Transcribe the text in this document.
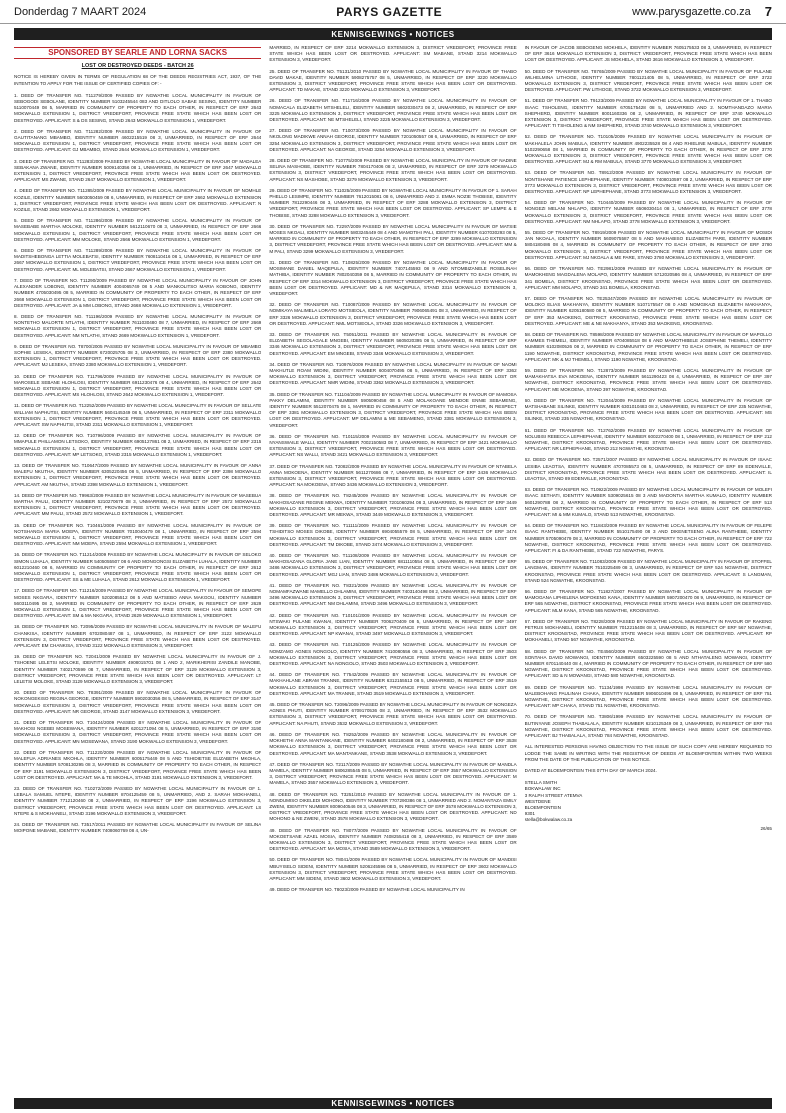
Donderdag 7 MAART 2024	PARYS GAZETTE	www.parysgazette.co.za 7
KENNISGEWINGS • NOTICES
SPONSORED BY SEARLE AND LORNA SACKS
LOST OR DESTROYED DEEDS - BATCH 26

NOTICE IS HEREBY GIVEN IN TERMS OF REGULATION 68 OF THE DEEDS REGISTRIES ACT, 1937, OF THE INTENTION TO APPLY FOR THE ISSUE OF CERTIFIED COPIES OF: -

1. DEED OF TRANSFER NO. T11279/2009 PASSED BY NGWATHE LOCAL MUNICIPALITY IN FAVOUR OF SEBOGODI SEBOLANE, IDENTITY NUMBER 5103245544 083 AND DITLOLO SABAE SESING, IDENTITY NUMBER 5110070449 08 5, MARRIED IN COMMUNITY OF PROPERTY TO EACH OTHER, IN RESPECT OF ERF 2643 MOKWALLO EXTENSION 1, DISTRICT VREDEFORT, PROVINCE FREE STATE WHICH HAS BEEN LOST OR DESTROYED. APPLICANT: S & DS SESING, STAND 2643 MOKWALLO EXTENSION 1, VREDEFORT.

2. DEED OF TRANSFER NO. T11282/2009 PASSED BY NGWATHE LOCAL MUNICIPALITY IN FAVOUR OF GAUTITANANG MBAMBO, IDENTITY NUMBER 4602215519 08 3, UNMARRIED, IN RESPECT OF ERF 2644 MOKWALLO EXTENSION 1, DISTRICT VREDEFORT, PROVINCE FREE STATE WHICH HAS BEEN LOST OR DESTROYED. APPLICANT: GJ MBAMBO, STAND 2644 MOKWALLO EXTENSION 1, VREDEFORT.

3. DEED OF TRANSFER NO. T11283/2009 PASSED BY NGWATHE LOCAL MUNICIPALITY IN FAVOUR OF MADALEA SEBAKANA ZWANE, IDENTITY NUMBER 5009140356 08 1, UNMARRIED, IN RESPECT OF ERF 2647 MOKWALLO EXTENSION 1, DISTRICT VREDEFORT, PROVINCE FREE STATE WHICH HAS BEEN LOST OR DESTROYED. APPLICANT: MS ZWANE, STAND 2647 MOKWALLO EXTENSION 1, VREDEFORT.

4. DEED OF TRANSFER NO. T11285/2009 PASSED BY NGWATHE LOCAL MUNICIPALITY IN FAVOUR OF NOMHLE KOZILE, IDENTITY NUMBER 5603050459 08 6, UNMARRIED, IN RESPECT OF ERF 2662 MOKWALLO EXTENSION 1, DISTRICT VREDEFORT, PROVINCE FREE STATE WHICH HAS BEEN LOST OR DESTROYED. APPLICANT: N KOZILE, STAND 2662 MOKWALLO EXTENSION 1, VREDEFORT.

5. DEED OF TRANSFER NO. T11286/2009 PASSED BY NGWATHE LOCAL MUNICIPALITY IN FAVOUR OF MASEBABE MARTHA MOLOKE, IDENTITY NUMBER 5612110670 08 3, UNMARRIED, IN RESPECT OF ERF 2666 MOKWALLO EXTENSION 1, DISTRICT VREDEFORT, PROVINCE FREE STATE WHICH HAS BEEN LOST OR DESTROYED. APPLICANT: MM MOLOKE, STAND 2666 MOKWALLO EXTENSION 1, VREDEFORT.

6. DEED OF TRANSFER NO. T11289/2009 PASSED BY NGWATHE LOCAL MUNICIPALITY IN FAVOUR OF MADITSHEBONGA LETTIA MOLEBATSI, IDENTITY NUMBER 7608110416 08 1, UNMARRIED, IN RESPECT OF ERF 2667 MOKWALLO EXTENSION 1, DISTRICT VREDEFORT, PROVINCE FREE STATE WHICH HAS BEEN LOST OR DESTROYED. APPLICANT: ML MOLEBATSI, STAND 2667 MOKWALLO EXTENSION 1, VREDEFORT.

7. DEED OF TRANSFER NO. T11290/2009 PASSED BY NGWATHE LOCAL MUNICIPALITY IN FAVOUR OF JOHN ALEXANDER LOBONG, IDENTITY NUMBER 4004065749 08 5 AND MANKOLITSO MARIA KOBONG, IDENTITY NUMBER 4705030495 08 5, MARRIED IN COMMUNITY OF PROPERTY TO EACH OTHER, IN RESPECT OF ERF 2668 MOKWALLO EXTENSION 1, DISTRICT VREDEFORT, PROVINCE FREE STATE WHICH HAS BEEN LOST OR DESTROYED. APPLICANT: JA & MM LOBONG, STAND 2668 MOKWALLO EXTENSION 1, VREDEFORT.

8. DEED OF TRANSFER NO. T11196/2009 PASSED BY NGWATHE LOCAL MUNICIPALITY IN FAVOUR OF NONTETHO MALORTE NTLATHI, IDENTITY NUMBER 7611030480 08 7, UNMARRIED, IN RESPECT OF ERF 2669 MOKWALLO EXTENSION 1, DISTRICT VREDEFORT, PROVINCE FREE STATE WHICH HAS BEEN LOST OR DESTROYED. APPLICANT: NM NTLATHI, STAND 2669 MOKWALLO EXTENSION 1, VREDEFORT.

9. DEED OF TRANSFER NO. T8700/2005 PASSED BY NGWATHE LOCAL MUNICIPALITY IN FAVOUR OF MBAMBO SOPHIE LESEKA, IDENTITY NUMBER 6720025705 08 3, UNMARRIED, IN RESPECT OF ERF 2380 MOKWALLO EXTENSION 1, DISTRICT VREDEFORT, PROVINCE FREE STATE WHICH HAS BEEN LOST OR DESTROYED. APPLICANT: MJ LESEKA, STAND 2380 MOKWALLO EXTENSION 1, VREDEFORT.

10. DEED OF TRANSFER NO. T11796/2009 PASSED BY NGWATHE LOCAL MUNICIPALITY IN FAVOUR OF MAROSELE SEBANE HLOHLOSI, IDENTITY NUMBER 6911230476 08 4, UNMARRIED, IN RESPECT OF ERF 2642 MOKWALLO EXTENSION 1, DISTRICT VREDEFORT, PROVINCE FREE STATE WHICH HAS BEEN LOST OR DESTROYED. APPLICANT: MS HLOHLOSI, STAND 2642 MOKWALLO EXTENSION 1, VREDEFORT.

11. DEED OF TRANSFER NO. T12252/2009 PASSED BY NGWATHE LOCAL MUNICIPALITY IN FAVOUR OF SELLATE WILLIAM NAPHUTSI, IDENTITY NUMBER 5604145349 08 5, UNMARRIED, IN RESPECT OF ERF 2311 MOKWALLO EXTENSION 1, DISTRICT VREDEFORT, PROVINCE FREE STATE WHICH HAS BEEN LOST OR DESTROYED. APPLICANT: SW NAPHUTSI, STAND 2311 MOKWALLO EXTENSION 1, VREDEFORT.

12. DEED OF TRANSFER NO. T10796/2009 PASSED BY NGWATHE LOCAL MUNICIPALITY IN FAVOUR OF MMAPULE PHILLAMON LETSOKO, IDENTITY NUMBER 6905127861 08 2, UNMARRIED, IN RESPECT OF ERF 2315 MOKWALLO EXTENSION 1, DISTRICT VREDEFORT, PROVINCE FREE STATE WHICH HAS BEEN LOST OR DESTROYED. APPLICANT: MP LETSOKO, STAND 2315 MOKWALLO EXTENSION 1, VREDEFORT.

13. DEED OF TRANSFER NO. T10647/2009 PASSED BY NGWATHE LOCAL MUNICIPALITY IN FAVOUR OF ANNA MALEFU NKUTHA, IDENTITY NUMBER 6305220456 08 5, UNMARRIED, IN RESPECT OF ERF 2398 MOKWALLO EXTENSION 1, DISTRICT VREDEFORT, PROVINCE FREE STATE WHICH HAS BEEN LOST OR DESTROYED. APPLICANT: AM NKUTHA, STAND 2398 MOKWALLO EXTENSION 1, VREDEFORT.

14. DEED OF TRANSFER NO. T9963/2009 PASSED BY NGWATHE LOCAL MUNICIPALITY IN FAVOUR OF MASEBUA MARTHA PAULI, IDENTITY NUMBER 5210270679 08 3, UNMARRIED, IN RESPECT OF ERF 2572 MOKWALLO EXTENSION 1, DISTRICT VREDEFORT, PROVINCE FREE STATE WHICH HAS BEEN LOST OR DESTROYED. APPLICANT: MM PAULI, STAND 2572 MOKWALLO EXTENSION 1, VREDEFORT.

15. DEED OF TRANSFER NO. T10461/2009 PASSED BY NGWATHE LOCAL MUNICIPALITY IN FAVOUR OF NOTSHANGA MARIA MOEPA, IDENTITY NUMBER 7010040479 08 1, UNMARRIED, IN RESPECT OF ERF 2594 MOKWALLO EXTENSION 1, DISTRICT VREDEFORT, PROVINCE FREE STATE WHICH HAS BEEN LOST OR DESTROYED. APPLICANT: NM MOEPA, STAND 2594 MOKWALLO EXTENSION 1, VREDEFORT.

16. DEED OF TRANSFER NO. T11214/2009 PASSED BY NGWATHE LOCAL MUNICIPALITY IN FAVOUR OF SELOKO SIMON LUHALA, IDENTITY NUMBER 5405055507 08 6 AND MONGONGSI ELIZABETH LUHALA, IDENTITY NUMBER 6012210460 08 6, MARRIED IN COMMUNITY OF PROPERTY TO EACH OTHER, IN RESPECT OF ERF 2612 MOKWALLO EXTENSION 1, DISTRICT VREDEFORT, PROVINCE FREE STATE WHICH HAS BEEN LOST OR DESTROYED. APPLICANT: SS & ME LUHALA, STAND 2612 MOKWALLO EXTENSION 1, VREDEFORT.

17. DEED OF TRANSFER NO. T11216/2009 PASSED BY NGWATHE LOCAL MUNICIPALITY IN FAVOUR OF SEMOPE MOSES NKGARA, IDENTITY NUMBER 5202085512 08 5 AND MATSEBO ANNA MAKGOU, IDENTITY NUMBER 5603110495 08 2, MARRIED IN COMMUNITY OF PROPERTY TO EACH OTHER, IN RESPECT OF ERF 2629 MOKWALLO EXTENSION 1, DISTRICT VREDEFORT, PROVINCE FREE STATE WHICH HAS BEEN LOST OR DESTROYED. APPLICANT: SM & MA NKGARA, STAND 2629 MOKWALLO EXTENSION 1, VREDEFORT.

18. DEED OF TRANSFER NO. T2095/2009 PASSED BY NGWATHE LOCAL MUNICIPALITY IN FAVOUR OF MALEFU CHANKISA, IDENTITY NUMBER 6702080487 08 1, UNMARRIED, IN RESPECT OF ERF 3122 MOKWALLO EXTENSION 3, DISTRICT VREDEFORT, PROVINCE FREE STATE WHICH HAS BEEN LOST OR DESTROYED. APPLICANT: EM CHANKISA, STAND 3122 MOKWALLO EXTENSION 3, VREDEFORT.

19. DEED OF TRANSFER NO. T2041/2009 PASSED BY NGWATHE LOCAL MUNICIPALITY IN FAVOUR OF J. TSHOENE LELETSI MOLOKE, IDENTITY NUMBER 4908015701 08 1 AND 2, MARIKHERISI ZANDILE MANOBE, IDENTITY NUMBER 7402170599 08 7, UNMARRIED, IN RESPECT OF ERF 3129 MOKWALLO EXTENSION 3, DISTRICT VREDEFORT, PROVINCE FREE STATE WHICH HAS BEEN LOST OR DESTROYED. APPLICANT: LT LELETSI MOLOKE, STAND 3129 MOKWALLO EXTENSION 3, VREDEFORT.

20. DEED OF TRANSFER NO. T8391/2009 PASSED BY NGWATHE LOCAL MUNICIPALITY IN FAVOUR OF NOKONGEKISO REGINA GEORGE, IDENTITY NUMBER 5902030356 08 5, UNMARRIED, IN RESPECT OF ERF 3147 MOKWALLO EXTENSION 3, DISTRICT VREDEFORT, PROVINCE FREE STATE WHICH HAS BEEN LOST OR DESTROYED. APPLICANT: NR GEORGE, STAND 3147 MOKWALLO EXTENSION 3, VREDEFORT.

21. DEED OF TRANSFER NO. T10424/2009 PASSED BY NGWATHE LOCAL MUNICIPALITY IN FAVOUR OF MAKHOSI NGEBEI MOSEWANA, IDENTITY NUMBER 6201271094 08 5, UNMARRIED, IN RESPECT OF ERF 3190 MOKWALLO EXTENSION 3, DISTRICT VREDEFORT, PROVINCE FREE STATE WHICH HAS BEEN LOST OR DESTROYED. APPLICANT: MN MOSEWANA, STAND 3190 MOKWALLO EXTENSION 3, VREDEFORT.

22. DEED OF TRANSFER NO. T11220/2009 PASSED BY NGWATHE LOCAL MUNICIPALITY IN FAVOUR OF MALEFUA ADRIANES MKOHLA, IDENTITY NUMBER 6005175449 08 5 AND TSHIDIETSE ELIZABETH MKOHLA, IDENTITY NUMBER 5708130295 08 3, MARRIED IN COMMUNITY OF PROPERTY TO EACH OTHER, IN RESPECT OF ERF 3191 MOKWALLO EXTENSION 3, DISTRICT VREDEFORT, PROVINCE FREE STATE WHICH HAS BEEN LOST OR DESTROYED. APPLICANT: MA & TE MKOHLA, STAND 3191 MOKWALLO EXTENSION 3, VREDEFORT.

23. DEED OF TRANSFER NO. T10272/2009 PASSED BY NGWATHE LOCAL MUNICIPALITY IN FAVOUR OF 1. LEBALA SAMUEL NTEPE, IDENTITY NUMBER 8704125459 08 5, UNMARRIED, AND 2. SARAH MOKHANELI, IDENTITY NUMBER 7712120460 08 2, UNMARRIED, IN RESPECT OF ERF 3196 MOKWALLO EXTENSION 3, DISTRICT VREDEFORT, PROVINCE FREE STATE WHICH HAS BEEN LOST OR DESTROYED. APPLICANT: LS NTEPE & S MOKHANELI, STAND 3196 MOKWALLO EXTENSION 3, VREDEFORT.

24. DEED OF TRANSFER NO. T3517/2011 PASSED BY NGWATHE LOCAL MUNICIPALITY IN FAVOUR OF SELINA MOIPONE MABANE, IDENTITY NUMBER 7408060769 08 4, UN-

MARRIED, IN RESPECT OF ERF 3214 MOKWALLO EXTENSION 3, DISTRICT VREDEFORT, PROVINCE FREE STATE WHICH HAS BEEN LOST OR DESTROYED. APPLICANT: SM MABANE, STAND 3214 MOKWALLO EXTENSION 3, VREDEFORT.

25. DEED OF TRANSFER NO. T5131/2010 PASSED BY NGWATHE LOCAL MUNICIPALITY IN FAVOUR OF THABO DAVID MAKAE, IDENTITY NUMBER 5908275757 08 5, UNMARRIED, IN RESPECT OF ERF 3220 MOKWALLO EXTENSION 3, DISTRICT VREDEFORT, PROVINCE FREE STATE WHICH HAS BEEN LOST OR DESTROYED. APPLICANT: TD MAKAE, STAND 3220 MOKWALLO EXTENSION 3, VREDEFORT.

26. DEED OF TRANSFER NO. T11716/2009 PASSED BY NGWATHE LOCAL MUNICIPALITY IN FAVOUR OF NOMACALA ELIZABETH MTSHELELI, IDENTITY NUMBER 5602030473 08 2, UNMARRIED, IN RESPECT OF ERF 3225 MOKWALLO EXTENSION 3, DISTRICT VREDEFORT, PROVINCE FREE STATE WHICH HAS BEEN LOST OR DESTROYED. APPLICANT: NE MTSHELELI, STAND 3225 MOKWALLO EXTENSION 3, VREDEFORT.

27. DEED OF TRANSFER NO. T10073/2009 PASSED BY NGWATHE LOCAL MUNICIPALITY IN FAVOUR OF NKOLONG MADIKWE ANNAH GEORGE, IDENTITY NUMBER 7201050557 08 6, UNMARRIED, IN RESPECT OF ERF 3254 MOKWALLO EXTENSION 3, DISTRICT VREDEFORT, PROVINCE FREE STATE WHICH HAS BEEN LOST OR DESTROYED. APPLICANT: NA GEORGE, STAND 3254 MOKWALLO EXTENSION 3, VREDEFORT.

28. DEED OF TRANSFER NO. T10775/2009 PASSED BY NGWATHE LOCAL MUNICIPALITY IN FAVOUR OF NADINE SELINA MASHOBE, IDENTITY NUMBER 7804170406 08 2, UNMARRIED, IN RESPECT OF ERF 3279 MOKWALLO EXTENSION 3, DISTRICT VREDEFORT, PROVINCE FREE STATE WHICH HAS BEEN LOST OR DESTROYED. APPLICANT: NS MASHOBE, STAND 3279 MOKWALLO EXTENSION 3, VREDEFORT.

29. DEED OF TRANSFER NO. T11025/2009 PASSED BY NGWATHE LOCAL MUNICIPALITY IN FAVOUR OF 1. SARAH PHELLO LESIMPE, IDENTITY NUMBER 7612015081 08 6, UNMARRIED AND 2. EMMA NOZIE THOBISE, IDENTITY NUMBER 7812290446 08 3, UNMARRIED, IN RESPECT OF ERF 3288 MOKWALLO EXTENSION 3, DISTRICT VREDEFORT, PROVINCE FREE STATE WHICH HAS BEEN LOST OR DESTROYED. APPLICANT: SP LEMPE & E THOBISE, STAND 3288 MOKWALLO EXTENSION 3, VREDEFORT.

30. DEED OF TRANSFER NO. T2297/2009 PASSED BY NGWATHE LOCAL MUNICIPALITY IN FAVOUR OF MATSIE MOSES NKOALI, IDENTITY NUMBER 5803245449 08 4 AND MAMOTIHI PALI, IDENTITY NUMBER 6107030293 08 5, MARRIED IN COMMUNITY OF PROPERTY TO EACH OTHER, IN RESPECT OF ERF 3299 MOKWALLO EXTENSION 3, DISTRICT VREDEFORT, PROVINCE FREE STATE WHICH HAS BEEN LOST OR DESTROYED. APPLICANT: MM & M PALI, STAND 3299 MOKWALLO EXTENSION 3, VREDEFORT.

31. DEED OF TRANSFER NO. T10825/2009 PASSED BY NGWATHE LOCAL MUNICIPALITY IN FAVOUR OF MOSIMANE DANIEL MAQEPULA, IDENTITY NUMBER 7407145593 08 9 AND NTOMBIZANELE ROSELINAH MATHIBA, IDENTITY NUMBER 7802040359 08 5, MARRIED IN COMMUNITY OF PROPERTY TO EACH OTHER, IN RESPECT OF ERF 3314 MOKWALLO EXTENSION 3, DISTRICT VREDEFORT, PROVINCE FREE STATE WHICH HAS BEEN LOST OR DESTROYED. APPLICANT: MD & NR MAQEPULA, STAND 3314 MOKWALLO EXTENSION 3, VREDEFORT.

32. DEED OF TRANSFER NO. T10087/2009 PASSED BY NGWATHE LOCAL MUNICIPALITY IN FAVOUR OF NOMIKAYA MALIMELA LORATO MOTSIEOLA, IDENTITY NUMBER 7906065491 08 3, UNMARRIED, IN RESPECT OF ERF 3326 MOKWALLO EXTENSION 3, DISTRICT VREDEFORT, PROVINCE FREE STATE WHICH HAS BEEN LOST OR DESTROYED. APPLICANT: NML MOTSIEOLA, STAND 3326 MOKWALLO EXTENSION 3, VREDEFORT.

33. DEED OF TRANSFER NO. T5051/2011 PASSED BY NGWATHE LOCAL MUNICIPALITY IN FAVOUR OF ELIZABETH SEGOLAGALE MNGEBI, IDENTITY NUMBER 5605020395 08 5, UNMARRIED, IN RESPECT OF ERF 3346 MOKWALLO EXTENSION 3, DISTRICT VREDEFORT, PROVINCE FREE STATE WHICH HAS BEEN LOST OR DESTROYED. APPLICANT: EM MNGEBI, STAND 3346 MOKWALLO EXTENSION 3, VREDEFORT.

34. DEED OF TRANSFER NO. T10976/2009 PASSED BY NGWATHE LOCAL MUNICIPALITY IN FAVOUR OF NAOMI MAKHUTLE ROAM WIDINI, IDENTITY NUMBER 6004070495 08 5, UNMARRIED, IN RESPECT OF ERF 3362 MOKWALLO EXTENSION 3, DISTRICT VREDEFORT, PROVINCE FREE STATE WHICH HAS BEEN LOST OR DESTROYED. APPLICANT: NMR WIDINI, STAND 3362 MOKWALLO EXTENSION 3, VREDEFORT.

35. DEED OF TRANSFER NO. T11104/2009 PASSED BY NGWATHE LOCAL MUNICIPALITY IN FAVOUR OF MAMOSA PAKKY DELAMINI, IDENTITY NUMBER 5905090458 08 5 AND MOLAKOANE MENDOE ENNIE SEBAMENG, IDENTITY NUMBER 5512070475 08 1, MARRIED IN COMMUNITY OF PROPERTY TO EACH OTHER, IN RESPECT OF ERF 3381 MOKWALLO EXTENSION 3, DISTRICT VREDEFORT, PROVINCE FREE STATE WHICH HAS BEEN LOST OR DESTROYED. APPLICANT: MP DELAMINI & ME SEBAMENG, STAND 3381 MOKWALLO EXTENSION 3, VREDEFORT.

36. DEED OF TRANSFER NO. T10115/2009 PASSED BY NGWATHE LOCAL MUNICIPALITY IN FAVOUR OF NYANSWAILE WALLI, IDENTITY NUMBER 7002150583 08 7, UNMARRIED, IN RESPECT OF ERF 3421 MOKWALLO EXTENSION 3, DISTRICT VREDEFORT, PROVINCE FREE STATE WHICH HAS BEEN LOST OR DESTROYED. APPLICANT: NS WALLI, STAND 3421 MOKWALLO EXTENSION 3, VREDEFORT.

37. DEED OF TRANSFER NO. T2082/2009 PASSED BY NGWATHE LOCAL MUNICIPALITY IN FAVOUR OF NTABELA ANNA MOKOENA, IDENTITY NUMBER 5611270686 08 7, UNMARRIED, IN RESPECT OF ERF 3436 MOKWALLO EXTENSION 3, DISTRICT VREDEFORT, PROVINCE FREE STATE WHICH HAS BEEN LOST OR DESTROYED. APPLICANT: NA MOKOENA, STAND 3436 MOKWALLO EXTENSION 3, VREDEFORT.

38. DEED OF TRANSFER NO. T8245/2009 PASSED BY NGWATHE LOCAL MUNICIPALITY IN FAVOUR OF MAKHOSAZANE REGINE MEKWA, IDENTITY NUMBER 7201060294 08 3, UNMARRIED, IN RESPECT OF ERF 3449 MOKWALLO EXTENSION 3, DISTRICT VREDEFORT, PROVINCE FREE STATE WHICH HAS BEEN LOST OR DESTROYED. APPLICANT: MR MEKWA, STAND 3449 MOKWALLO EXTENSION 3, VREDEFORT.

39. DEED OF TRANSFER NO. T11111/2009 PASSED BY NGWATHE LOCAL MUNICIPALITY IN FAVOUR OF TSHIDITSO MOSES DIKOBE, IDENTITY NUMBER 6904055579 08 5, UNMARRIED, IN RESPECT OF ERF 3474 MOKWALLO EXTENSION 3, DISTRICT VREDEFORT, PROVINCE FREE STATE WHICH HAS BEEN LOST OR DESTROYED. APPLICANT: TM DIKOBE, STAND 3474 MOKWALLO EXTENSION 3, VREDEFORT.

40. DEED OF TRANSFER NO. T11108/2009 PASSED BY NGWATHE LOCAL MUNICIPALITY IN FAVOUR OF MAKHOSAZANA GLORIA JANE LIAN, IDENTITY NUMBER 6811110554 08 5, UNMARRIED, IN RESPECT OF ERF 3486 MOKWALLO EXTENSION 3, DISTRICT VREDEFORT, PROVINCE FREE STATE WHICH HAS BEEN LOST OR DESTROYED. APPLICANT: MGJ LIAN, STAND 3486 MOKWALLO EXTENSION 3, VREDEFORT.

41. DEED OF TRANSFER NO. T8321/2009 PASSED BY NGWATHE LOCAL MUNICIPALITY IN FAVOUR OF NOMAMFAZWANE MAMELLO DHLAMINI, IDENTITY NUMBER 7403140498 08 2, UNMARRIED, IN RESPECT OF ERF 3496 MOKWALLO EXTENSION 3, DISTRICT VREDEFORT, PROVINCE FREE STATE WHICH HAS BEEN LOST OR DESTROYED. APPLICANT: NM DHLAMINI, STAND 3496 MOKWALLO EXTENSION 3, VREDEFORT.

42. DEED OF TRANSFER NO. T10101/2009 PASSED BY NGWATHE LOCAL MUNICIPALITY IN FAVOUR OF NTSWAKI PULANE KWANAI, IDENTITY NUMBER 7006270409 08 5, UNMARRIED, IN RESPECT OF ERF 3497 MOKWALLO EXTENSION 3, DISTRICT VREDEFORT, PROVINCE FREE STATE WHICH HAS BEEN LOST OR DESTROYED. APPLICANT: NP KWANAI, STAND 3497 MOKWALLO EXTENSION 3, VREDEFORT.

43. DEED OF TRANSFER NO. T10125/2009 PASSED BY NGWATHE LOCAL MUNICIPALITY IN FAVOUR OF NOMZAMO AGNES NONGOLO, IDENTITY NUMBER 7410080556 08 3, UNMARRIED, IN RESPECT OF ERF 3503 MOKWALLO EXTENSION 3, DISTRICT VREDEFORT, PROVINCE FREE STATE WHICH HAS BEEN LOST OR DESTROYED. APPLICANT: NA NONGOLO, STAND 3503 MOKWALLO EXTENSION 3, VREDEFORT.

44. DEED OF TRANSFER NO. T7542/2009 PASSED BY NGWATHE LOCAL MUNICIPALITY IN FAVOUR OF MAKHAHLANE ABRAM TRANNE, IDENTITY NUMBER 6312155513 08 5, UNMARRIED, IN RESPECT OF ERF 3519 MOKWALLO EXTENSION 3, DISTRICT VREDEFORT, PROVINCE FREE STATE WHICH HAS BEEN LOST OR DESTROYED. APPLICANT: MA TRANNE, STAND 3519 MOKWALLO EXTENSION 3, VREDEFORT.

45. DEED OF TRANSFER NO. T2096/2009 PASSED BY NGWATHE LOCAL MUNICIPALITY IN FAVOUR OF NONGEZA AGNES PHUTI, IDENTITY NUMBER 6709170536 08 2, UNMARRIED, IN RESPECT OF ERF 3532 MOKWALLO EXTENSION 3, DISTRICT VREDEFORT, PROVINCE FREE STATE WHICH HAS BEEN LOST OR DESTROYED. APPLICANT: NA PHUTI, STAND 3532 MOKWALLO EXTENSION 3, VREDEFORT.

46. DEED OF TRANSFER NO. T8252/2009 PASSED BY NGWATHE LOCAL MUNICIPALITY IN FAVOUR OF MOKHETHI ANNA MANTANKANE, IDENTITY NUMBER 6402180488 08 2, UNMARRIED, IN RESPECT OF ERF 3538 MOKWALLO EXTENSION 3, DISTRICT VREDEFORT, PROVINCE FREE STATE WHICH HAS BEEN LOST OR DESTROYED. APPLICANT: MA MANTANKANE, STAND 3538 MOKWALLO EXTENSION 3, VREDEFORT.

47. DEED OF TRANSFER NO. T2117/2009 PASSED BY NGWATHE LOCAL MUNICIPALITY IN FAVOUR OF MANDLA MAMELA, IDENTITY NUMBER 5806285545 08 5, UNMARRIED, IN RESPECT OF ERF 3557 MOKWALLO EXTENSION 3, DISTRICT VREDEFORT, PROVINCE FREE STATE WHICH HAS BEEN LOST OR DESTROYED. APPLICANT: M MAMELA, STAND 3557 MOKWALLO EXTENSION 3, VREDEFORT.

48. DEED OF TRANSFER NO. T3251/2010 PASSED BY NGWATHE LOCAL MUNICIPALITY IN FAVOUR OF 1. NONDUMISO DIKELEDI MOHONO, IDENTITY NUMBER 7707290386 08 1, UNMARRIED AND 2. NOMANTAZA EMILY ZWENI, IDENTITY NUMBER 8009040546 08 3, UNMARRIED, IN RESPECT OF ERF 3578 MOKWALLO EXTENSION 3, DISTRICT VREDEFORT, PROVINCE FREE STATE WHICH HAS BEEN LOST OR DESTROYED. APPLICANT: ND MOHONO & NE ZWENI, STAND 3578 MOKWALLO EXTENSION 3, VREDEFORT.

49. DEED OF TRANSFER NO. T8077/2009 PASSED BY NGWATHE LOCAL MUNICIPALITY IN FAVOUR OF MOKOETSANE AZAEL MOSIA, IDENTITY NUMBER 7408255418 08 3, UNMARRIED, IN RESPECT OF ERF 3589 MOKWALLO EXTENSION 3, DISTRICT VREDEFORT, PROVINCE FREE STATE WHICH HAS BEEN LOST OR DESTROYED. APPLICANT: MA MOSIA, STAND 3589 MOKWALLO EXTENSION 3, VREDEFORT.

50. DEED OF TRANSFER NO. T8041/2009 PASSED BY NGWATHE LOCAL MUNICIPALITY IN FAVOUR OF MANDISI MBUYISELO SIDENI, IDENTITY NUMBER 5206245596 08 5, UNMARRIED, IN RESPECT OF ERF 3602 MOKWALLO EXTENSION 3, DISTRICT VREDEFORT, PROVINCE FREE STATE WHICH HAS BEEN LOST OR DESTROYED. APPLICANT: MM SIDENI, STAND 3602 MOKWALLO EXTENSION 3, VREDEFORT.

49. DEED OF TRANSFER NO. T8023/2009 PASSED BY NGWATHE LOCAL MUNICIPALITY IN

IN FAVOUR OF JACOB SEBOGENG MOKHELA, IDENTITY NUMBER 7605175533 08 3, UNMARRIED, IN RESPECT OF ERF 3616 MOKWALLO EXTENSION 3, DISTRICT VREDEFORT, PROVINCE FREE STATE WHICH HAS BEEN LOST OR DESTROYED. APPLICANT: JS MOKHELA, STAND 3616 MOKWALLO EXTENSION 3, VREDEFORT.

50. DEED OF TRANSFER NO. T8765/2009 PASSED BY NGWATHE LOCAL MUNICIPALITY IN FAVOUR OF PULANE WILHELMINA LITHOGE, IDENTITY NUMBER 7801121405 08 5, UNMARRIED, IN RESPECT OF ERF 3722 MOKWALLO EXTENSION 3, DISTRICT VREDEFORT, PROVINCE FREE STATE WHICH HAS BEEN LOST OR DESTROYED. APPLICANT: PW LITHOGE, STAND 3722 MOKWALLO EXTENSION 3, VREDEFORT.

51. DEED OF TRANSFER NO. T9123/2009 PASSED BY NGWATHE LOCAL MUNICIPALITY IN FAVOUR OF 1. THABO ISAAC TSHOLENG, IDENTITY NUMBER 6705175428 08 5, UNMARRIED AND 2. NOMTHANDAZO MARIA SHEPHERD, IDENTITY NUMBER 8001160336 08 2, UNMARRIED, IN RESPECT OF ERF 3740 MOKWALLO EXTENSION 3, DISTRICT VREDEFORT, PROVINCE FREE STATE WHICH HAS BEEN LOST OR DESTROYED. APPLICANT: TI TSHOLENG & NM SHEPHERD, STAND 3740 MOKWALLO EXTENSION 3, VREDEFORT.

52. DEED OF TRANSFER NO. T10105/2009 PASSED BY NGWATHE LOCAL MUNICIPALITY IN FAVOUR OF MAKHALELA JOHN MABULA, IDENTITY NUMBER 4902235528 08 4 AND RHIELINE MABULA, IDENTITY NUMBER 5102290658 08 1, MARRIED IN COMMUNITY OF PROPERTY TO EACH OTHER, IN RESPECT OF ERF 3770 MOKWALLO EXTENSION 3, DISTRICT VREDEFORT, PROVINCE FREE STATE WHICH HAS BEEN LOST OR DESTROYED. APPLICANT: MJ & RM MABULA, STAND 3770 MOKWALLO EXTENSION 3, VREDEFORT.

53. DEED OF TRANSFER NO. T8912/2009 PASSED BY NGWATHE LOCAL MUNICIPALITY IN FAVOUR OF NONTSHANE PATIENCE LEPHEPHANE, IDENTITY NUMBER 7408010597 08 2, UNMARRIED, IN RESPECT OF ERF 3773 MOKWALLO EXTENSION 3, DISTRICT VREDEFORT, PROVINCE FREE STATE WHICH HAS BEEN LOST OR DESTROYED. APPLICANT: NP LEPHEPHANE, STAND 3773 MOKWALLO EXTENSION 3, VREDEFORT.

54. DEED OF TRANSFER NO. T10440/2009 PASSED BY NGWATHE LOCAL MUNICIPALITY IN FAVOUR OF NONGEZI MELANI NHLAPO, IDENTITY NUMBER 6506030414 08 1, UNMARRIED, IN RESPECT OF ERF 3778 MOKWALLO EXTENSION 3, DISTRICT VREDEFORT, PROVINCE FREE STATE WHICH HAS BEEN LOST OR DESTROYED. APPLICANT: NM NHLAPO, STAND 3778 MOKWALLO EXTENSION 3, VREDEFORT.

55. DEED OF TRANSFER NO. T8919/2009 PASSED BY NGWATHE LOCAL MUNICIPALITY IN FAVOUR OF MOSIDI JAN NKOALA, IDENTITY NUMBER 5609075587 08 5 AND MAKHABISO ELIZABETH PARE, IDENTITY NUMBER 5804180486 08 4, MARRIED IN COMMUNITY OF PROPERTY TO EACH OTHER, IN RESPECT OF ERF 3780 MOKWALLO EXTENSION 3, DISTRICT VREDEFORT, PROVINCE FREE STATE WHICH HAS BEEN LOST OR DESTROYED. APPLICANT: MJ NKOALA & ME PARE, STAND 3780 MOKWALLO EXTENSION 3, VREDEFORT.

56. DEED OF TRANSFER NO. TE2981/2009 PASSED BY NGWATHE LOCAL MUNICIPALITY IN FAVOUR OF MAMOKHENG MAGDALENA MOLAPO, IDENTITY NUMBER 5712020586 08 4, UNMARRIED, IN RESPECT OF ERF 341 BOMELA, DISTRICT KROONSTAD, PROVINCE FREE STATE WHICH HAS BEEN LOST OR DESTROYED. APPLICANT: MM MOLAPO, STAND 341 BOMELA, KROONSTAD.

57. DEED OF TRANSFER NO. TE25347/2009 PASSED BY NGWATHE LOCAL MUNICIPALITY IN FAVOUR OF MOLOKO ELIAS MAKHANYA, IDENTITY NUMBER 5107175547 08 0 AND NOMGIKAZI ELIZABETH MAKHANYA, IDENTITY NUMBER 6205180580 08 5, MARRIED IN COMMUNITY OF PROPERTY TO EACH OTHER, IN RESPECT OF ERF 353 MAOKENG, DISTRICT KROONSTAD, PROVINCE FREE STATE WHICH HAS BEEN LOST OR DESTROYED. APPLICANT: ME & NE MAKHANYA, STAND 353 MAOKENG, KROONSTAD.

58. DEED OF TRANSFER NO. T8598/2009 PASSED BY NGWATHE LOCAL MUNICIPALITY IN FAVOUR OF MAPOLLO KAMMES THEMELI, IDENTITY NUMBER 6704085518 08 6 AND MAMOTHIBELE JOSEPHINE THEMELI, IDENTITY NUMBER 6102080526 08 2, MARRIED IN COMMUNITY OF PROPERTY TO EACH OTHER, IN RESPECT OF ERF 1190 NGWATHE, DISTRICT KROONSTAD, PROVINCE FREE STATE WHICH HAS BEEN LOST OR DESTROYED. APPLICANT: MK & MJ THEMELI, STAND 1190 NGWATHE, KROONSTAD.

59. DEED OF TRANSFER NO. T12873/2009 PASSED BY NGWATHE LOCAL MUNICIPALITY IN FAVOUR OF MAMAKHATSA EVA MOKOENA, IDENTITY NUMBER 5611290423 08 4, UNMARRIED, IN RESPECT OF ERF 397 NGWATHE, DISTRICT KROONSTAD, PROVINCE FREE STATE WHICH HAS BEEN LOST OR DESTROYED. APPLICANT: ME MOKOENA, STAND 397 NGWATHE, KROONSTAD.

60. DEED OF TRANSFER NO. T12044/2009 PASSED BY NGWATHE LOCAL MUNICIPALITY IN FAVOUR OF MATSHABANE SILINKE, IDENTITY NUMBER 6301010483 08 2, UNMARRIED, IN RESPECT OF ERF 235 NGWATHE, DISTRICT KROONSTAD, PROVINCE FREE STATE WHICH HAS BEEN LOST OR DESTROYED. APPLICANT: MS SILINKE, STAND 235 NGWATHE, KROONSTAD.

61. DEED OF TRANSFER NO. T12762/2009 PASSED BY NGWATHE LOCAL MUNICIPALITY IN FAVOUR OF NOLUBISI REBECCA LEPHEPHANE, IDENTITY NUMBER 6002270400 08 1, UNMARRIED, IN RESPECT OF ERF 212 NGWATHE, DISTRICT KROONSTAD, PROVINCE FREE STATE WHICH HAS BEEN LOST OR DESTROYED. APPLICANT: NR LEPHEPHANE, STAND 212 NGWATHE, KROONSTAD.

62. DEED OF TRANSFER NO. T2571/2007 PASSED BY NGWATHE LOCAL MUNICIPALITY IN FAVOUR OF ISAAC LESIBA LEAOTSA, IDENTITY NUMBER 4707085573 08 5, UNMARRIED, IN RESPECT OF ERF 89 EDENVILLE, DISTRICT KROONSTAD, PROVINCE FREE STATE WHICH HAS BEEN LOST OR DESTROYED. APPLICANT: IL LEAOTSA, STAND 89 EDENVILLE, KROONSTAD.

63. DEED OF TRANSFER NO. T10922/2009 PASSED BY NGWATHE LOCAL MUNICIPALITY IN FAVOUR OF MOLEFI ISAAC SETHATI, IDENTITY NUMBER 5309025615 08 3 AND MADONTIA MARTHA KUMALO, IDENTITY NUMBER 5601290788 08 2, MARRIED IN COMMUNITY OF PROPERTY TO EACH OTHER, IN RESPECT OF ERF 513 NGWATHE, DISTRICT KROONSTAD, PROVINCE FREE STATE WHICH HAS BEEN LOST OR DESTROYED. APPLICANT: MI & MM KUMALO, STAND 513 NGWATHE, KROONSTAD.

64. DEED OF TRANSFER NO. T11843/2009 PASSED BY NGWATHE LOCAL MUNICIPALITY IN FAVOUR OF FELEPE ISAAC RANTHEBE, IDENTITY NUMBER 5510175490 08 3 AND DIKENETSENG ALINA RANTHEBE, IDENTITY NUMBER 5705090479 08 2, MARRIED IN COMMUNITY OF PROPERTY TO EACH OTHER, IN RESPECT OF ERF 722 NGWATHE, DISTRICT KROONSTAD, PROVINCE FREE STATE WHICH HAS BEEN LOST OR DESTROYED. APPLICANT: FI & DA RANTHEBE, STAND 722 NGWATHE, PARYS.

65. DEED OF TRANSFER NO. T11083/2009 PASSED BY NGWATHE LOCAL MUNICIPALITY IN FAVOUR OF STOFFEL LANGMAN, IDENTITY NUMBER 7510225489 08 3, UNMARRIED, IN RESPECT OF ERF 524 NGWATHE, DISTRICT KROONSTAD, PROVINCE FREE STATE WHICH HAS BEEN LOST OR DESTROYED. APPLICANT: S LANGMAN, STAND 524 NGWATHE, KROONSTAD.

66. DEED OF TRANSFER NO. T11827/2007 PASSED BY NGWATHE LOCAL MUNICIPALITY IN FAVOUR OF MAMOGANA LIPHELENA MOFOKENG KANA, IDENTITY NUMBER 5907200470 08 9, UNMARRIED, IN RESPECT OF ERF 565 NGWATHE, DISTRICT KROONSTAD, PROVINCE FREE STATE WHICH HAS BEEN LOST OR DESTROYED. APPLICANT: MLM KANA, STAND 565 NGWATHE, KROONSTAD.

67. DEED OF TRANSFER NO. T8228/2009 PASSED BY NGWATHE LOCAL MUNICIPALITY IN FAVOUR OF RAKENG PETRUS MOKHANELI, IDENTITY NUMBER 7012215408 08 3, UNMARRIED, IN RESPECT OF ERF 567 NGWATHE, DISTRICT KROONSTAD, PROVINCE FREE STATE WHICH HAS BEEN LOST OR DESTROYED. APPLICANT: RP MOKHANELI, STAND 567 NGWATHE, KROONSTAD.

68. DEED OF TRANSFER NO. TE4560/2009 PASSED BY NGWATHE LOCAL MUNICIPALITY IN FAVOUR OF SONTAHA DAVID MOWANGI, IDENTITY NUMBER 6503225590 08 5 AND NTHATALENG MOWANGI, IDENTITY NUMBER 6701140440 08 4, MARRIED IN COMMUNITY OF PROPERTY TO EACH OTHER, IN RESPECT OF ERF 580 NGWATHE, DISTRICT KROONSTAD, PROVINCE FREE STATE WHICH HAS BEEN LOST OR DESTROYED. APPLICANT: SD & N MOWANGI, STAND 580 NGWATHE, KROONSTAD.

69. DEED OF TRANSFER NO. T1134/1998 PASSED BY NGWATHE LOCAL MUNICIPALITY IN FAVOUR OF MALEBOHANG PAULINAH CHAKA, IDENTITY NUMBER 5906010496 08 5, UNMARRIED, IN RESPECT OF ERF 751 NGWATHE, DISTRICT KROONSTAD, PROVINCE FREE STATE WHICH HAS BEEN LOST OR DESTROYED. APPLICANT: MP CHAKA, STAND 751 NGWATHE, KROONSTAD.

70. DEED OF TRANSFER NO. T3806/1999 PASSED BY NGWATHE LOCAL MUNICIPALITY IN FAVOUR OF BUTINYANE JOSEPH THABALALA, IDENTITY NUMBER 6210125349 08 3, UNMARRIED, IN RESPECT OF ERF 784 NGWATHE, DISTRICT KROONSTAD, PROVINCE FREE STATE WHICH HAS BEEN LOST OR DESTROYED. APPLICANT: BJ THABALALA, STAND 784 NGWATHE, KROONSTAD.

ALL INTERESTED PERSONS HAVING OBJECTION TO THE ISSUE OF SUCH COPY ARE HEREBY REQUIRED TO LODGE THE SAME IN WRITING WITH THE REGISTRAR OF DEEDS AT BLOEMFONTEIN WITHIN TWO WEEKS FROM THE DATE OF THE PUBLICATION OF THIS NOTICE.

DATED AT BLOEMFONTEIN THIS 07TH DAY OF MARCH 2024.

STELLA SMITH
BOKWALAW INC
3 RALPH STREET ATEMVA
WESTDENE
BLOEMFONTEIN
9301
stella@bokwalaw.co.za
26/65
KENNISGEWINGS • NOTICES
